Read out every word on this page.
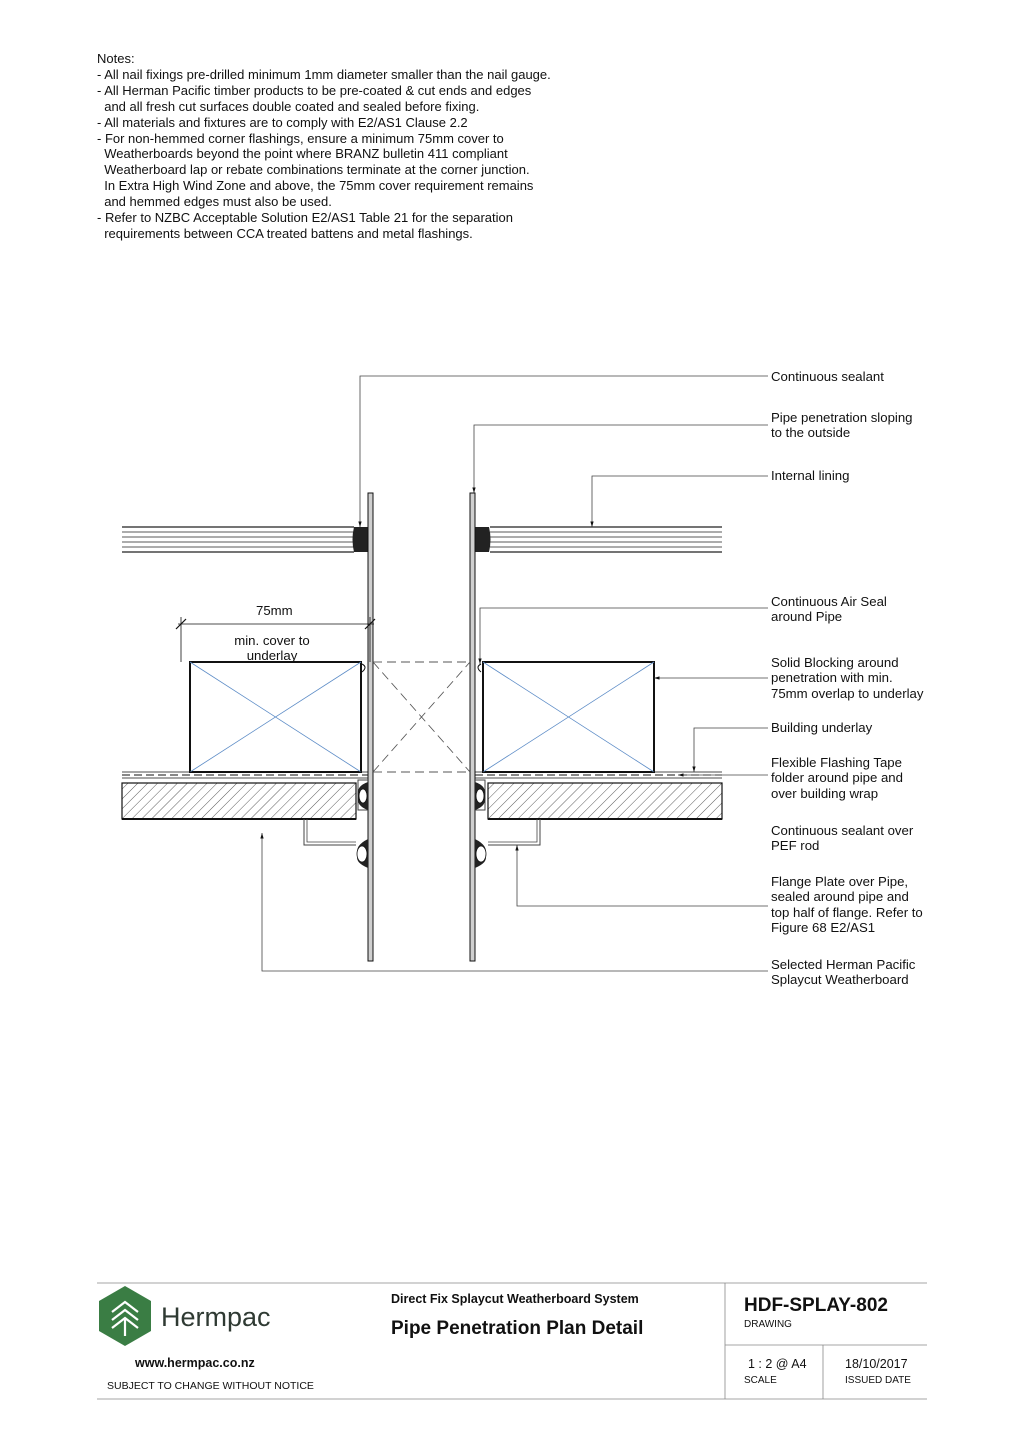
Notes:
- All nail fixings pre-drilled minimum 1mm diameter smaller than the nail gauge.
- All Herman Pacific timber products to be pre-coated & cut ends and edges
and all fresh cut surfaces double coated and sealed before fixing.
- All materials and fixtures are to comply with E2/AS1 Clause 2.2
- For non-hemmed corner flashings, ensure a minimum 75mm cover to
Weatherboards beyond the point where BRANZ bulletin 411 compliant
Weatherboard lap or rebate combinations terminate at the corner junction.
In Extra High Wind Zone and above, the 75mm cover requirement remains
and hemmed edges must also be used.
- Refer to NZBC Acceptable Solution E2/AS1 Table 21 for the separation
requirements between CCA treated battens and metal flashings.
75mm
min. cover to
underlay
Continuous sealant
Pipe penetration sloping
to the outside
Internal lining
Continuous Air Seal
around Pipe
Solid Blocking around
penetration with min.
75mm overlap to underlay
Building underlay
Flexible Flashing Tape
folder around pipe and
over building wrap
Continuous sealant over
PEF rod
Flange Plate over Pipe,
sealed around pipe and
top half of flange. Refer to
Figure 68 E2/AS1
Selected Herman Pacific
Splaycut Weatherboard
Hermpac
www.hermpac.co.nz
SUBJECT TO CHANGE WITHOUT NOTICE
Direct Fix Splaycut Weatherboard System
Pipe Penetration Plan Detail
HDF-SPLAY-802
DRAWING
1 : 2 @ A4
SCALE
18/10/2017
ISSUED DATE
